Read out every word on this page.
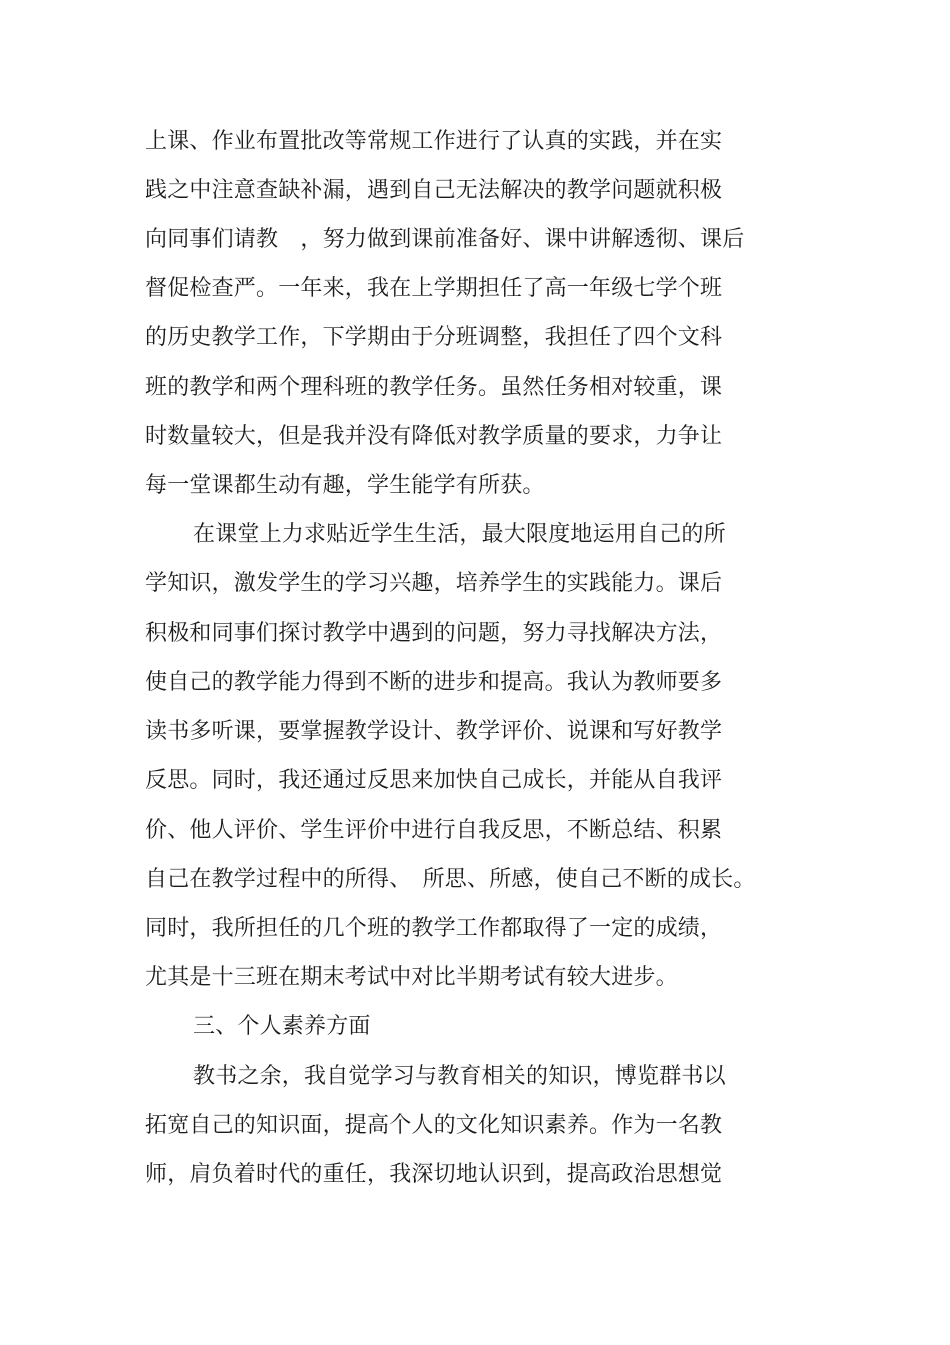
上课、作业布置批改等常规工作进行了认真的实践，并在实
践之中注意查缺补漏，遇到自己无法解决的教学问题就积极
向同事们请教　，努力做到课前准备好、课中讲解透彻、课后
督促检查严。一年来，我在上学期担任了高一年级七学个班
的历史教学工作，下学期由于分班调整，我担任了四个文科
班的教学和两个理科班的教学任务。虽然任务相对较重，课
时数量较大，但是我并没有降低对教学质量的要求，力争让
每一堂课都生动有趣，学生能学有所获。
在课堂上力求贴近学生生活，最大限度地运用自己的所
学知识，激发学生的学习兴趣，培养学生的实践能力。课后
积极和同事们探讨教学中遇到的问题，努力寻找解决方法，
使自己的教学能力得到不断的进步和提高。我认为教师要多
读书多听课，要掌握教学设计、教学评价、说课和写好教学
反思。同时，我还通过反思来加快自己成长，并能从自我评
价、他人评价、学生评价中进行自我反思，不断总结、积累
自己在教学过程中的所得、　所思、所感，使自己不断的成长。
同时，我所担任的几个班的教学工作都取得了一定的成绩，
尤其是十三班在期末考试中对比半期考试有较大进步。
三、个人素养方面
教书之余，我自觉学习与教育相关的知识，博览群书以
拓宽自己的知识面，提高个人的文化知识素养。作为一名教
师，肩负着时代的重任，我深切地认识到，提高政治思想觉
